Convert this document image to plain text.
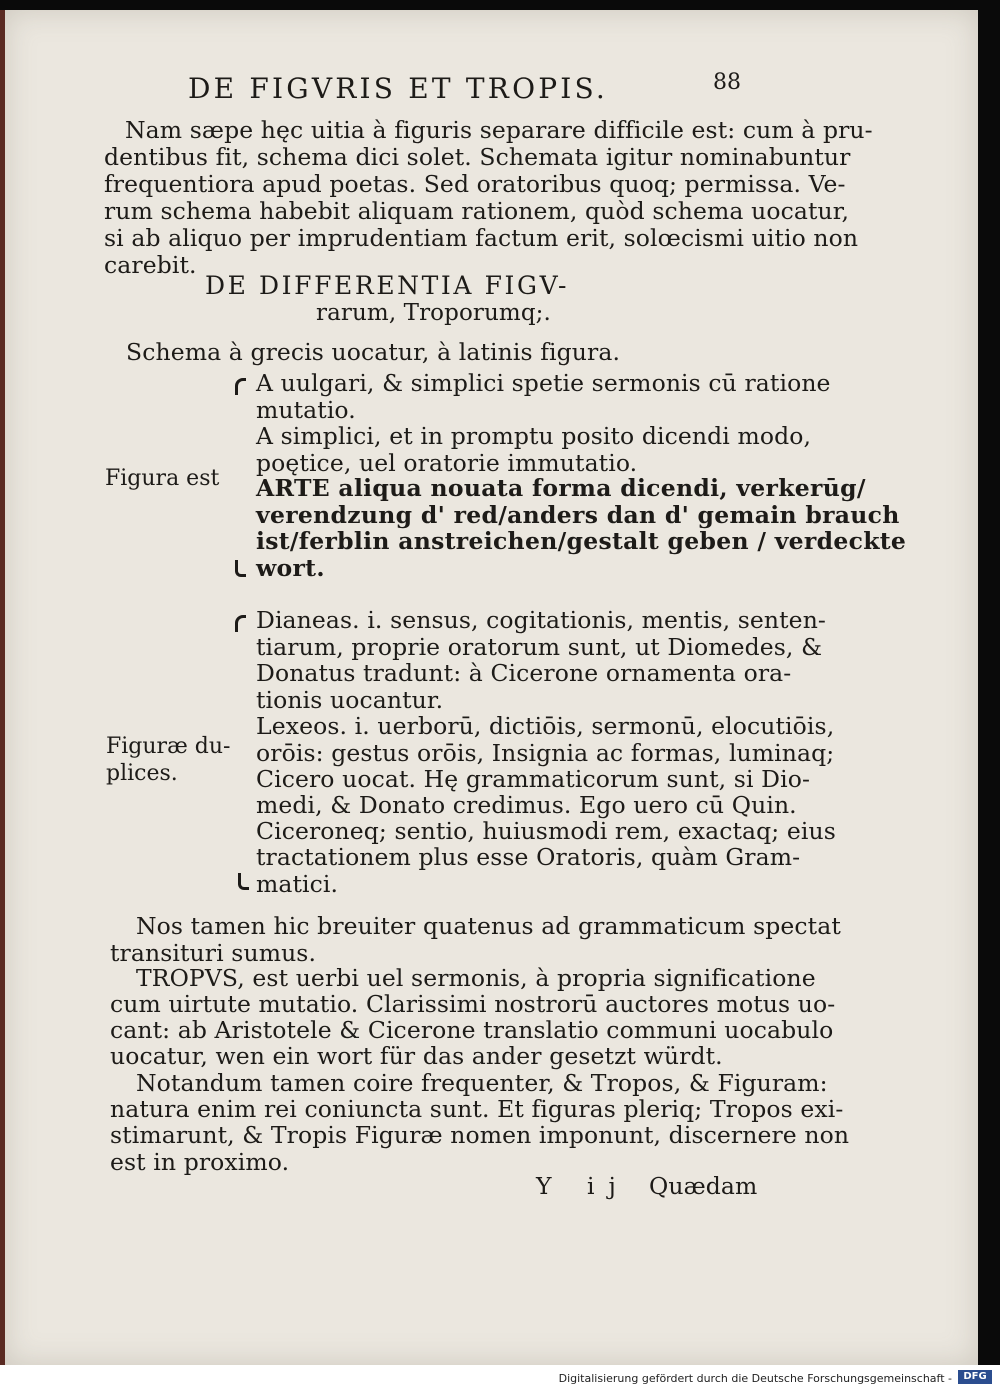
DE FIGVRIS ET TROPIS.	88
Nam sæpe hęc uitia à figuris separare difficile est: cum à pru-
dentibus fit, schema dici solet. Schemata igitur nominabuntur
frequentiora apud poetas. Sed oratoribus quoq; permissa. Ve-
rum schema habebit aliquam rationem, quòd schema uocatur,
si ab aliquo per imprudentiam factum erit, solœcismi uitio non
carebit.
DE DIFFERENTIA FIGV-
rarum, Troporumq;.
Schema à grecis uocatur, à latinis figura.
Figura est
A uulgari, & simplici spetie sermonis cū ratione
mutatio.
A simplici, et in promptu posito dicendi modo,
poętice, uel oratorie immutatio.
ARTE aliqua nouata forma dicendi, verkerūg/
verendzung d' red/anders dan d' gemain brauch
ist/ferblin anstreichen/gestalt geben / verdeckte
wort.
Figuræ du-
plices.
Dianeas. i. sensus, cogitationis, mentis, senten-
tiarum, proprie oratorum sunt, ut Diomedes, &
Donatus tradunt: à Cicerone ornamenta ora-
tionis uocantur.
Lexeos. i. uerborū, dictiōis, sermonū, elocutiōis,
orōis: gestus orōis, Insignia ac formas, luminaq;
Cicero uocat. Hę grammaticorum sunt, si Dio-
medi, & Donato credimus. Ego uero cū Quin.
Ciceroneq; sentio, huiusmodi rem, exactaq; eius
tractationem plus esse Oratoris, quàm Gram-
matici.
Nos tamen hic breuiter quatenus ad grammaticum spectat
transituri sumus.
TROPVS, est uerbi uel sermonis, à propria significatione
cum uirtute mutatio. Clarissimi nostrorū auctores motus uo-
cant: ab Aristotele & Cicerone translatio communi uocabulo
uocatur, wen ein wort für das ander gesetzt würdt.
Notandum tamen coire frequenter, & Tropos, & Figuram:
natura enim rei coniuncta sunt. Et figuras pleriq; Tropos exi-
stimarunt, & Tropis Figuræ nomen imponunt, discernere non
est in proximo.
Y ij Quædam
Digitalisierung gefördert durch die Deutsche Forschungsgemeinschaft -	DFG
